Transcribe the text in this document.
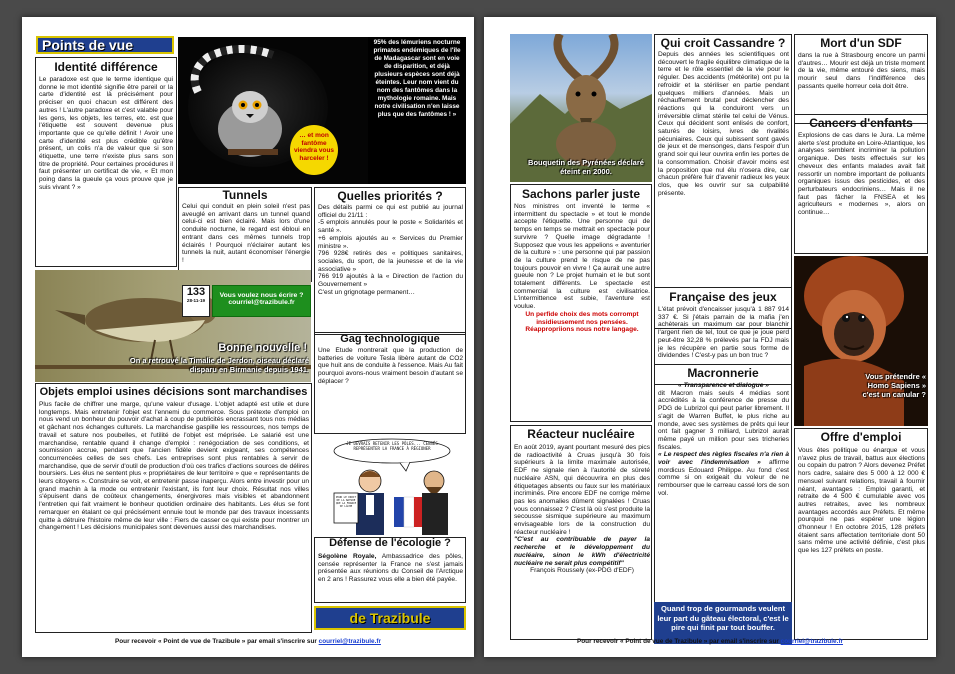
Points de vue
Identité différence
Le paradoxe est que le terme identique qui donne le mot identité signifie être pareil or la carte d'identité est là précisément pour préciser en quoi chacun est différent des autres ! L'autre paradoxe et c'est valable pour les gens, les objets, les terres, etc. est que l'étiquette est souvent devenue plus importante que ce qu'elle définit ! Avoir une carte d'identité est plus crédible qu'être présent, un colis n'a de valeur que si son étiquette, une terre n'existe plus sans son titre de propriété. Pour certaines procédures il faut présenter un certificat de vie, « Et mon poing dans la gueule ça vous prouve que je suis vivant ? »
… et mon fantôme viendra vous harceler !
95% des lémuriens nocturne primates endémiques de l'île de Madagascar sont en voie de disparition, et déjà plusieurs espèces sont déjà éteintes. Leur nom vient du nom des fantômes dans la mythologie romaine. Mais notre civilisation n'en laisse plus que des fantômes ! »
Tunnels
Celui qui conduit en plein soleil n'est pas aveuglé en arrivant dans un tunnel quand celui-ci est bien éclairé. Mais lors d'une conduite nocturne, le regard est ébloui en entrant dans ces mêmes tunnels trop éclairés ! Pourquoi n'éclairer autant les tunnels la nuit, autant économiser l'énergie !
Quelles priorités ?

Des détails parmi ce qui est publié au journal officiel du 21/11 :

-5 emplois annulés pour le poste « Solidarités et santé ».

+6 emplois ajoutés au « Services du Premier ministre ».

796 928€ retirés des « politiques sanitaires, sociales, du sport, de la jeunesse et de la vie associative »

766 919 ajoutés à la « Direction de l'action du Gouvernement »

C'est un grignotage permanent…

Bonne nouvelle !
On a retrouvé la Timalie de Jerdon, oiseau déclaré disparu en Birmanie depuis 1941.
133
28-11-19
Vous voulez nous écrire ?
courriel@trazibule.fr
Gag technologique
Une Étude montrerait que la production de batteries de voiture Tesla libère autant de CO2 que huit ans de conduite à l'essence. Mais Au fait pourquoi avons-nous vraiment besoin d'autant se déplacer ?
JE DEVRAIS RETENIR LES PÔLES... CENSÉS REPRÉSENTER LA FRANCE À RÉGIONER
POUR LE DROIT DE LA NATURE QUE LA FRANCE SE LÂCHE
Objets emploi usines décisions sont marchandises
Plus facile de chiffrer une marge, qu'une valeur d'usage. L'objet adapté est utile et dure longtemps. Mais entretenir l'objet est l'ennemi du commerce. Sous prétexte d'emploi on nous vend un bonheur du pouvoir d'achat à coup de publicités encrassant tous nos médias et gâchant nos échanges culturels. La marchandise gaspille les ressources, nos temps de travail et sature nos poubelles, et l'utilité de l'objet est méprisée. Le salarié est une marchandise, rentable quand il change d'emploi : renégociation de ses conditions, et soumission accrue, pendant que l'ancien fidèle devient exigeant, ses compétences concurrencées celles de ses chefs. Les entreprises sont plus rentables à servir de marchandise, que de servir d'outil de production d'où ces trafics d'actions sources de délires boursiers. Les élus ne sentent plus « propriétaires de leur territoire » que « représentants de leurs citoyens ». Construire se voit, et entretenir passe inaperçu. Alors entre investir pour un grand machin à la mode ou entretenir l'existant, ils font leur choix. Résultat nos villes s'épuisent dans de coûteux changements, énergivores mais visibles et abandonnent l'entretien qui fait vraiment le bonheur quotidien ordinaire des habitants. Les élus se font remarquer en étalant ce qui précisément ennuie tout le monde par des travaux incessants quitte à détruire l'histoire même de leur ville : Fiers de casser ce qui existe pour montrer un changement ! Les décisions municipales sont devenues aussi des marchandises.
Défense de l'écologie ?
Ségolène Royale, Ambassadrice des pôles, censée représenter la France ne s'est jamais présentée aux réunions du Conseil de l'Arctique en 2 ans ! Rassurez vous elle a bien été payée.
de Trazibule
Pour recevoir « Point de vue de Trazibule » par email s'inscrire sur courriel@trazibule.fr
Bouquetin des Pyrénées déclaré éteint en 2000.
Qui croit Cassandre ?
Depuis des années les scientifiques ont découvert le fragile équilibre climatique de la terre et le rôle essentiel de la vie pour le réguler. Des accidents (météorite) ont pu la refroidir et la stériliser en partie pendant quelques milliers d'années. Mais un réchauffement brutal peut déclencher des réactions qui la conduiront vers un irréversible climat stérile tel celui de Vénus. Ceux qui décident sont enlisés de confort, saturés de loisirs, ivres de rivalités pécuniaires. Ceux qui subissent sont gavés de jeux et de mensonges, dans l'espoir d'un grand soir qui leur ouvrira enfin les portes de la consommation. Choisir d'avoir moins est la proposition que nul élu n'osera dire, car chacun préfère fuir d'avenir radieux les yeux clos, que les ouvrir sur sa culpabilité présente.
Mort d'un SDF
dans la rue à Strasbourg encore un parmi d'autres… Mourir est déjà un triste moment de la vie, même entouré des siens, mais mourir seul dans l'indifférence des passants quelle horreur cela doit être.
Cancers d'enfants
Explosions de cas dans le Jura. La même alerte s'est produite en Loire-Atlantique, les analyses semblent incriminer la pollution organique. Des tests effectués sur les cheveux des enfants malades avait fait ressortir un nombre important de polluants organiques issus des pesticides, et des perturbateurs endocriniens… Mais il ne faut pas fâcher la FNSEA et les agriculteurs « modernes », alors on continue…
Sachons parler juste

Nos ministres ont inventé le terme « intermittent du spectacle » et tout le monde accepte l'étiquette. Une personne qui de temps en temps se mettrait en spectacle pour survivre ? Quelle image dégradante ! Supposez que vous les appelions « aventurier de la culture » : une personne qui par passion de la culture prend le risque de ne pas toujours pouvoir en vivre ! Ça aurait une autre gueule non ? Le projet humain et le but sont totalement différents. Le spectacle est commercial la culture est civilisatrice. L'intermittence est subie, l'aventure est voulue.

Un perfide choix des mots corrompt insidieusement nos pensées. Réappropriions nous notre langage.

Française des jeux
L'état prévoit d'encaisser jusqu'à 1 887 914 337 €. Si j'étais parrain de la mafia j'en achèterais un maximum car pour blanchir l'argent rien de tel, tout ce que je joue perd peut-être 32,28 % prélevés par la FDJ mais je les récupère en partie sous forme de dividendes ! C'est-y pas un bon truc ?
Vous prétendre « Homo Sapiens » c'est un canular ?
Macronnerie

« Transparence et dialogue »

dit Macron mais seuls 4 médias sont accrédités à la conférence de presse du PDG de Lubrizol qui peut parler librement. Il s'agit de Warren Buffet, le plus riche au monde, avec ses systèmes de prêts qui leur ont fait gagner 3 milliard, Lubrizol aurait même payé un million pour ses tricheries fiscales.

« Le respect des règles fiscales n'a rien à voir avec l'indemnisation » affirme mordicus Edouard Philippe. Au fond c'est comme si on exigeait du voleur de ne rembourser que le carreau cassé lors de son vol.

Réacteur nucléaire

En août 2019, ayant pourtant mesuré des pics de radioactivité à Cruas jusqu'à 30 fois supérieurs à la limite maximale autorisée, EDF ne signale rien à l'autorité de sûreté nucléaire ASN, qui découvrira en plus des étiquetages absents ou faux sur les matériaux incriminés. Pire encore EDF ne corrige même pas les anomalies dûment signalées ! Cruas vous connaissez ? C'est là où s'est produite la secousse sismique supérieure au maximum envisageable lors de la construction du réacteur nucléaire !

"C'est au contribuable de payer la recherche et le développement du nucléaire, sinon le kWh d'électricité nucléaire ne serait plus compétitif"

François Roussely (ex-PDG d'EDF)

Quand trop de gourmands veulent leur part du gâteau électoral, c'est le pire qui finit par tout bouffer.
Offre d'emploi
Vous êtes politique ou énarque et vous n'avez plus de travail, battus aux élections ou copain du patron ? Alors devenez Préfet hors cadre, salaire des 5 000 à 12 000 € mensuel suivant relations, travail à fournir néant, avantages : Emploi garanti, et retraite de 4 500 € cumulable avec vos autres retraites, avec les nombreux avantages accordés aux Préfets. Et même pourquoi ne pas espérer une légion d'honneur ! En octobre 2015, 128 préfets étaient sans affectation territoriale dont 50 sans même une activité définie, c'est plus que les 127 préfets en poste.
Pour recevoir « Point de vue de Trazibule » par email s'inscrire sur courriel@trazibule.fr
